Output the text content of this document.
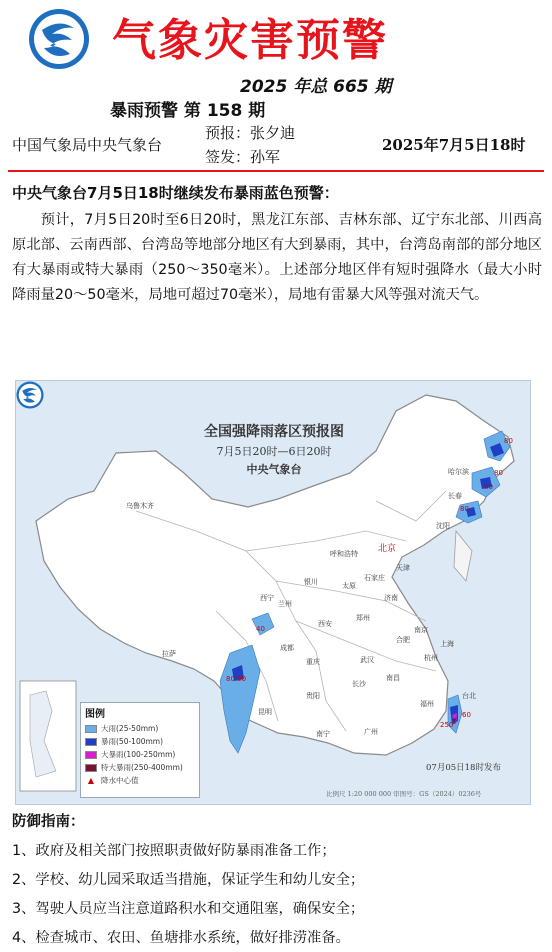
气象灾害预警
2025 年总 665 期
暴雨预警 第 158 期
中国气象局中央气象台
预报：张夕迪
签发：孙军
2025年7月5日18时
中央气象台7月5日18时继续发布暴雨蓝色预警：

预计，7月5日20时至6日20时，黑龙江东部、吉林东部、辽宁东北部、川西高原北部、云南西部、台湾岛等地部分地区有大到暴雨，其中，台湾岛南部的部分地区有大暴雨或特大暴雨（250～350毫米）。上述部分地区伴有短时强降水（最大小时降雨量20～50毫米，局地可超过70毫米），局地有雷暴大风等强对流天气。

全国强降雨落区预报图
7月5日20时—6日20时
中央气象台
北京
哈尔滨
长春
沈阳
呼和浩特
天津
石家庄
太原
济南
郑州
西安
兰州
西宁
银川
乌鲁木齐
拉萨
成都
重庆	武汉
合肥
南京
上海
杭州
长沙
南昌
福州
贵阳
昆明
南宁	广州
台北
80
80
80
80
40
80 50
60
250
图例
大雨(25-50mm)
暴雨(50-100mm)
大暴雨(100-250mm)
特大暴雨(250-400mm)
▲ 降水中心值
07月05日18时发布
比例尺 1:20 000 000 审图号：GS（2024）0236号
防御指南：
1、政府及相关部门按照职责做好防暴雨准备工作；
2、学校、幼儿园采取适当措施，保证学生和幼儿安全；
3、驾驶人员应当注意道路积水和交通阻塞，确保安全；
4、检查城市、农田、鱼塘排水系统，做好排涝准备。
